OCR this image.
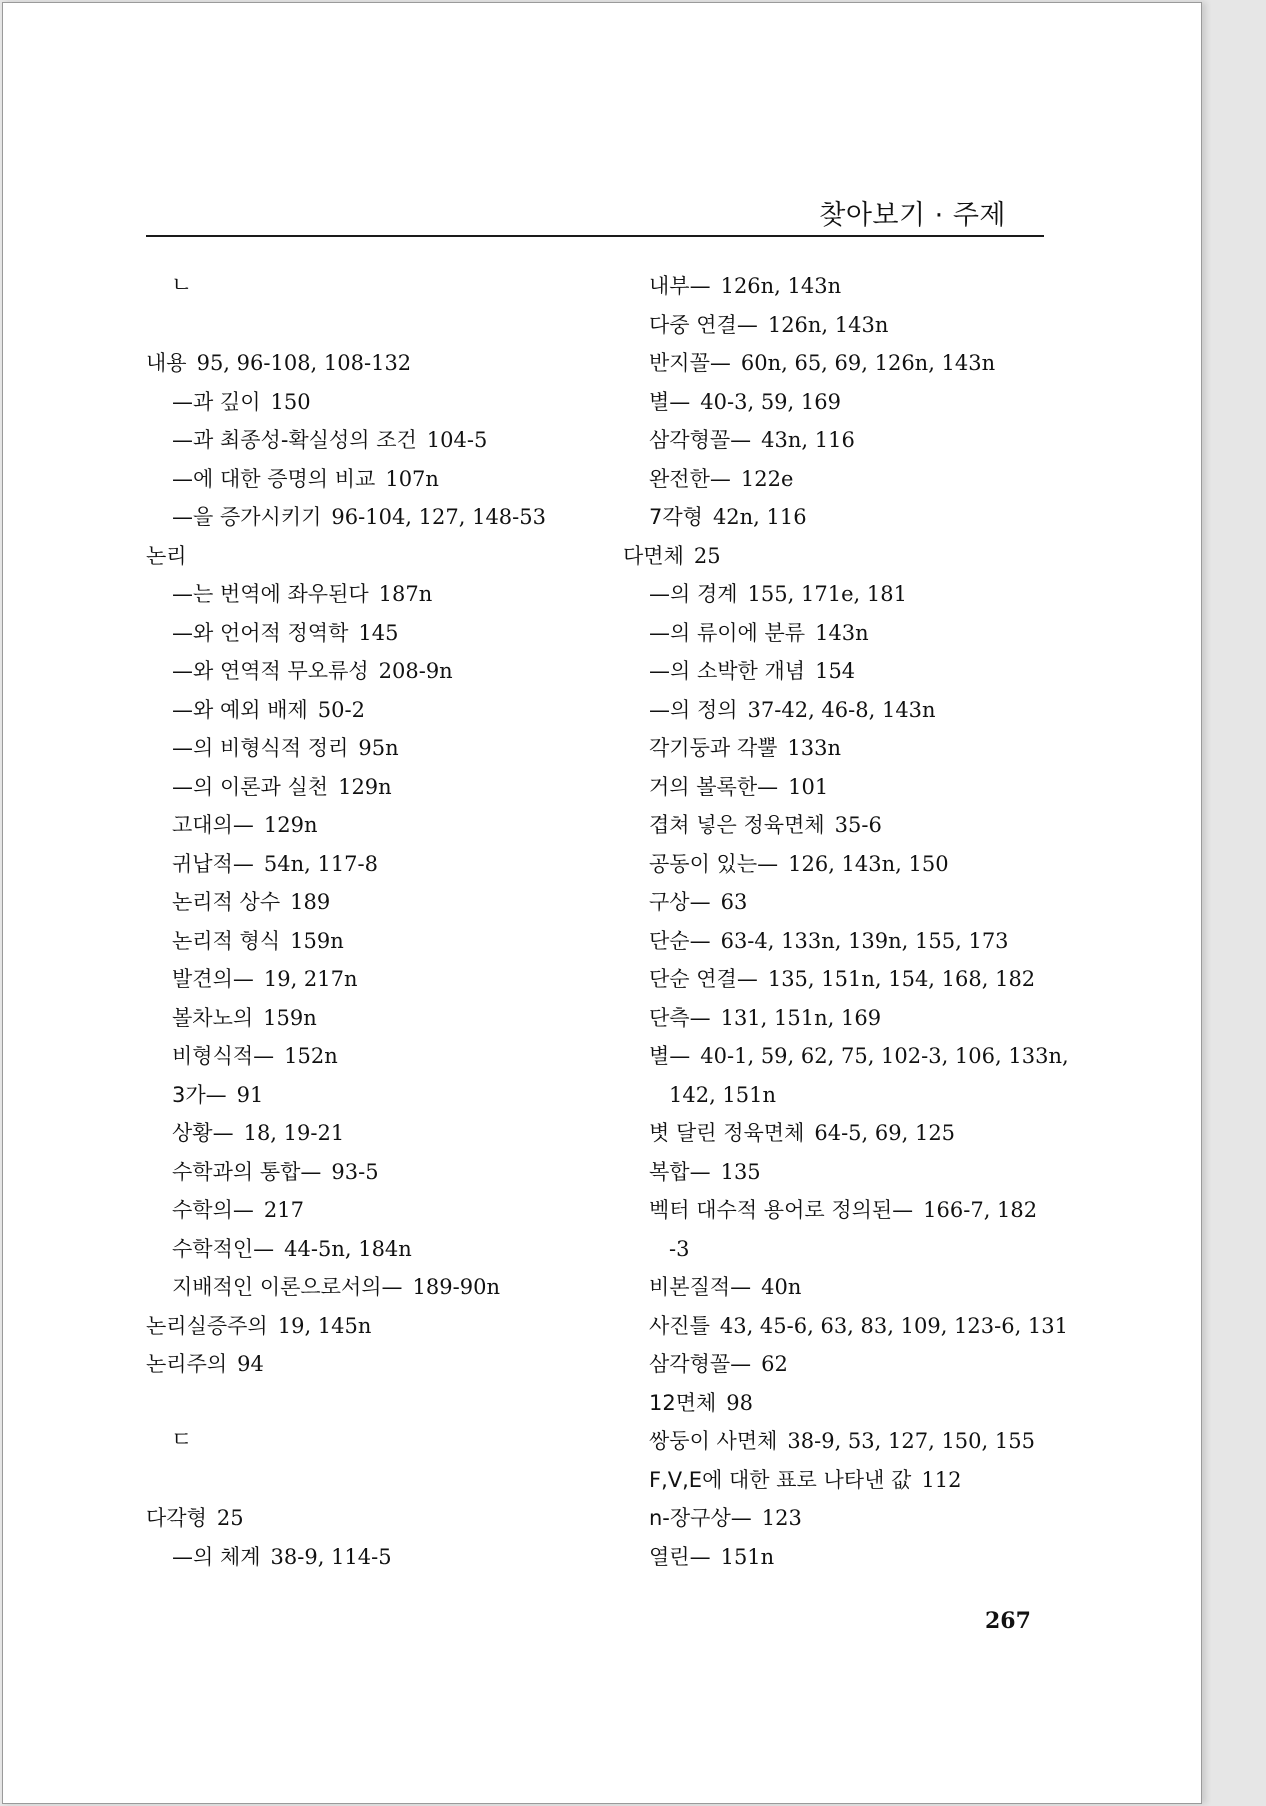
찾아보기 · 주제
ㄴ
내용 95, 96-108, 108-132
—과 깊이 150
—과 최종성-확실성의 조건 104-5
—에 대한 증명의 비교 107n
—을 증가시키기 96-104, 127, 148-53
논리
—는 번역에 좌우된다 187n
—와 언어적 정역학 145
—와 연역적 무오류성 208-9n
—와 예외 배제 50-2
—의 비형식적 정리 95n
—의 이론과 실천 129n
고대의— 129n
귀납적— 54n, 117-8
논리적 상수 189
논리적 형식 159n
발견의— 19, 217n
볼차노의 159n
비형식적— 152n
3가— 91
상황— 18, 19-21
수학과의 통합— 93-5
수학의— 217
수학적인— 44-5n, 184n
지배적인 이론으로서의— 189-90n
논리실증주의 19, 145n
논리주의 94
ㄷ
다각형 25
—의 체계 38-9, 114-5
내부— 126n, 143n
다중 연결— 126n, 143n
반지꼴— 60n, 65, 69, 126n, 143n
별— 40-3, 59, 169
삼각형꼴— 43n, 116
완전한— 122e
7각형 42n, 116
다면체 25
—의 경계 155, 171e, 181
—의 류이에 분류 143n
—의 소박한 개념 154
—의 정의 37-42, 46-8, 143n
각기둥과 각뿔 133n
거의 볼록한— 101
겹쳐 넣은 정육면체 35-6
공동이 있는— 126, 143n, 150
구상— 63
단순— 63-4, 133n, 139n, 155, 173
단순 연결— 135, 151n, 154, 168, 182
단측— 131, 151n, 169
별— 40-1, 59, 62, 75, 102-3, 106, 133n,
142, 151n
볏 달린 정육면체 64-5, 69, 125
복합— 135
벡터 대수적 용어로 정의된— 166-7, 182
-3
비본질적— 40n
사진틀 43, 45-6, 63, 83, 109, 123-6, 131
삼각형꼴— 62
12면체 98
쌍둥이 사면체 38-9, 53, 127, 150, 155
F,V,E에 대한 표로 나타낸 값 112
n-장구상— 123
열린— 151n
267
